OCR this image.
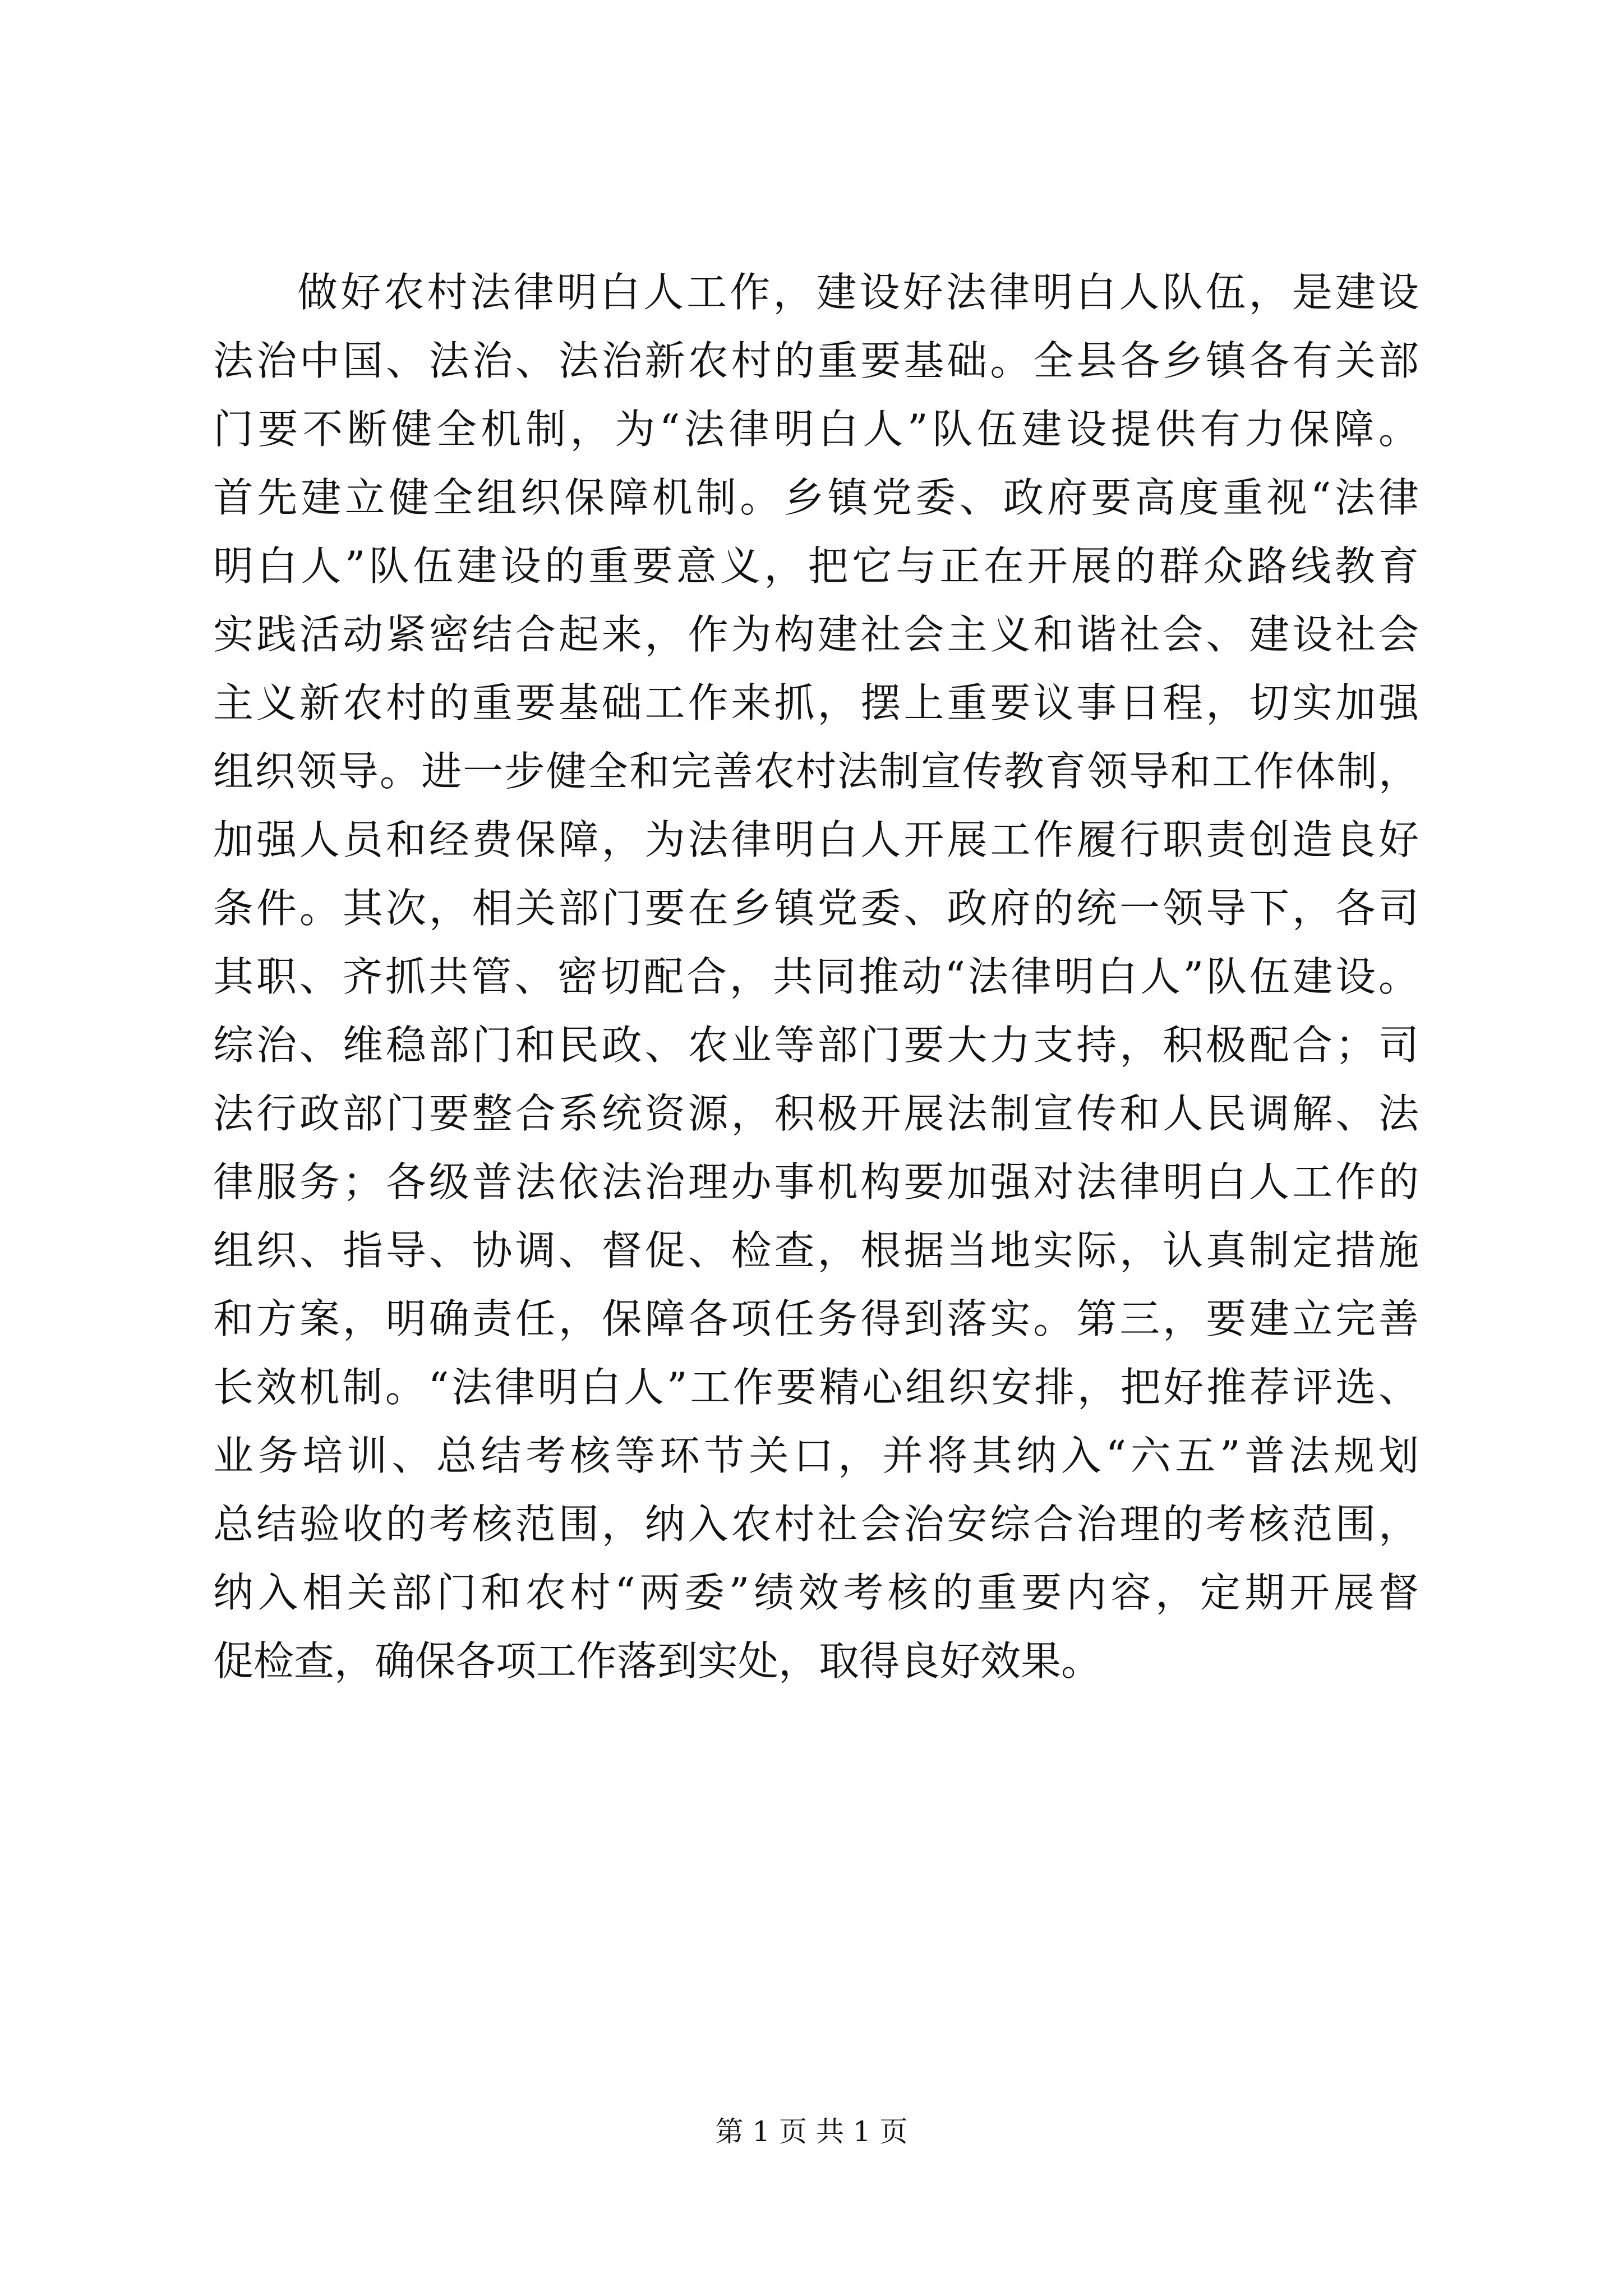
做好农村法律明白人工作，建设好法律明白人队伍，是建设
法治中国、法治、法治新农村的重要基础。全县各乡镇各有关部
门要不断健全机制，为“法律明白人”队伍建设提供有力保障。
首先建立健全组织保障机制。乡镇党委、政府要高度重视“法律
明白人”队伍建设的重要意义，把它与正在开展的群众路线教育
实践活动紧密结合起来，作为构建社会主义和谐社会、建设社会
主义新农村的重要基础工作来抓，摆上重要议事日程，切实加强
组织领导。进一步健全和完善农村法制宣传教育领导和工作体制，
加强人员和经费保障，为法律明白人开展工作履行职责创造良好
条件。其次，相关部门要在乡镇党委、政府的统一领导下，各司
其职、齐抓共管、密切配合，共同推动“法律明白人”队伍建设。
综治、维稳部门和民政、农业等部门要大力支持，积极配合；司
法行政部门要整合系统资源，积极开展法制宣传和人民调解、法
律服务；各级普法依法治理办事机构要加强对法律明白人工作的
组织、指导、协调、督促、检查，根据当地实际，认真制定措施
和方案，明确责任，保障各项任务得到落实。第三，要建立完善
长效机制。“法律明白人”工作要精心组织安排，把好推荐评选、
业务培训、总结考核等环节关口，并将其纳入“六五”普法规划
总结验收的考核范围，纳入农村社会治安综合治理的考核范围，
纳入相关部门和农村“两委”绩效考核的重要内容，定期开展督
促检查，确保各项工作落到实处，取得良好效果。
第 1 页 共 1 页
